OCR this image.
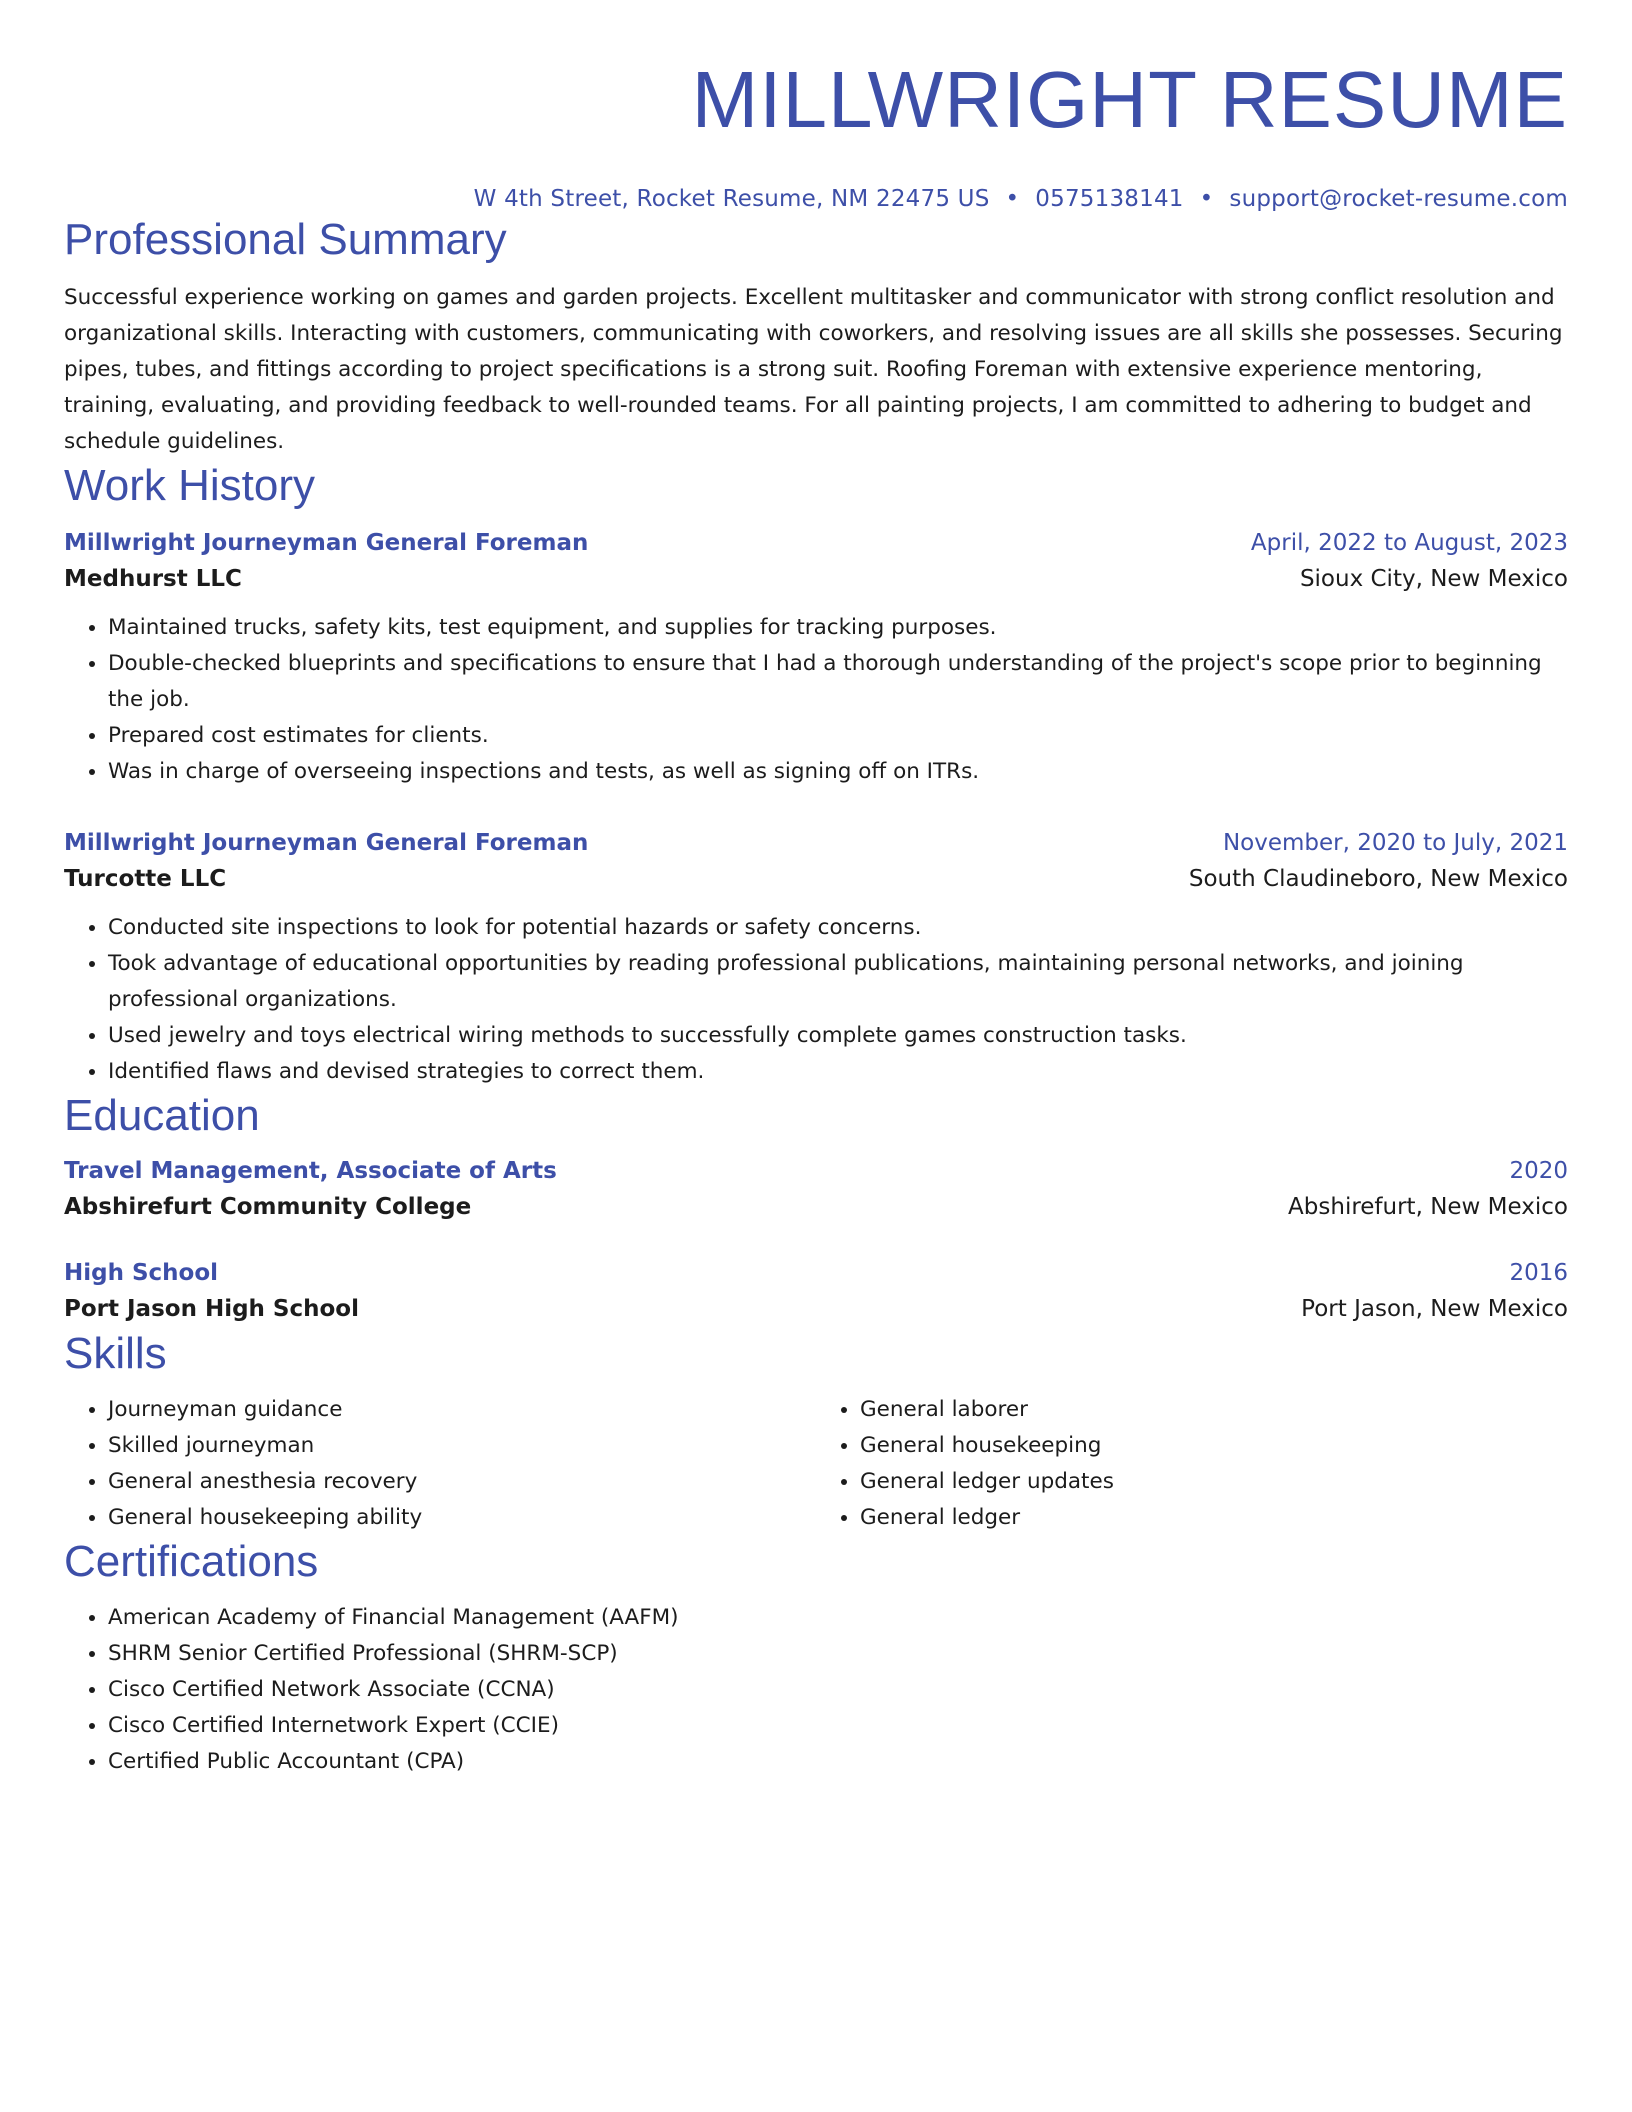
MILLWRIGHT RESUME
W 4th Street, Rocket Resume, NM 22475 US • 0575138141 • support@rocket-resume.com
Professional Summary
Successful experience working on games and garden projects. Excellent multitasker and communicator with strong conflict resolution and organizational skills. Interacting with customers, communicating with coworkers, and resolving issues are all skills she possesses. Securing pipes, tubes, and fittings according to project specifications is a strong suit. Roofing Foreman with extensive experience mentoring, training, evaluating, and providing feedback to well-rounded teams. For all painting projects, I am committed to adhering to budget and schedule guidelines.
Work History
Millwright Journeyman General Foreman	April, 2022 to August, 2023
Medhurst LLC	Sioux City, New Mexico
• Maintained trucks, safety kits, test equipment, and supplies for tracking purposes.
• Double-checked blueprints and specifications to ensure that I had a thorough understanding of the project's scope prior to beginning the job.
• Prepared cost estimates for clients.
• Was in charge of overseeing inspections and tests, as well as signing off on ITRs.
Millwright Journeyman General Foreman	November, 2020 to July, 2021
Turcotte LLC	South Claudineboro, New Mexico
• Conducted site inspections to look for potential hazards or safety concerns.
• Took advantage of educational opportunities by reading professional publications, maintaining personal networks, and joining professional organizations.
• Used jewelry and toys electrical wiring methods to successfully complete games construction tasks.
• Identified flaws and devised strategies to correct them.
Education
Travel Management, Associate of Arts	2020
Abshirefurt Community College	Abshirefurt, New Mexico
High School	2016
Port Jason High School	Port Jason, New Mexico
Skills
• Journeyman guidance
• Skilled journeyman
• General anesthesia recovery
• General housekeeping ability
• General laborer
• General housekeeping
• General ledger updates
• General ledger
Certifications
• American Academy of Financial Management (AAFM)
• SHRM Senior Certified Professional (SHRM-SCP)
• Cisco Certified Network Associate (CCNA)
• Cisco Certified Internetwork Expert (CCIE)
• Certified Public Accountant (CPA)
